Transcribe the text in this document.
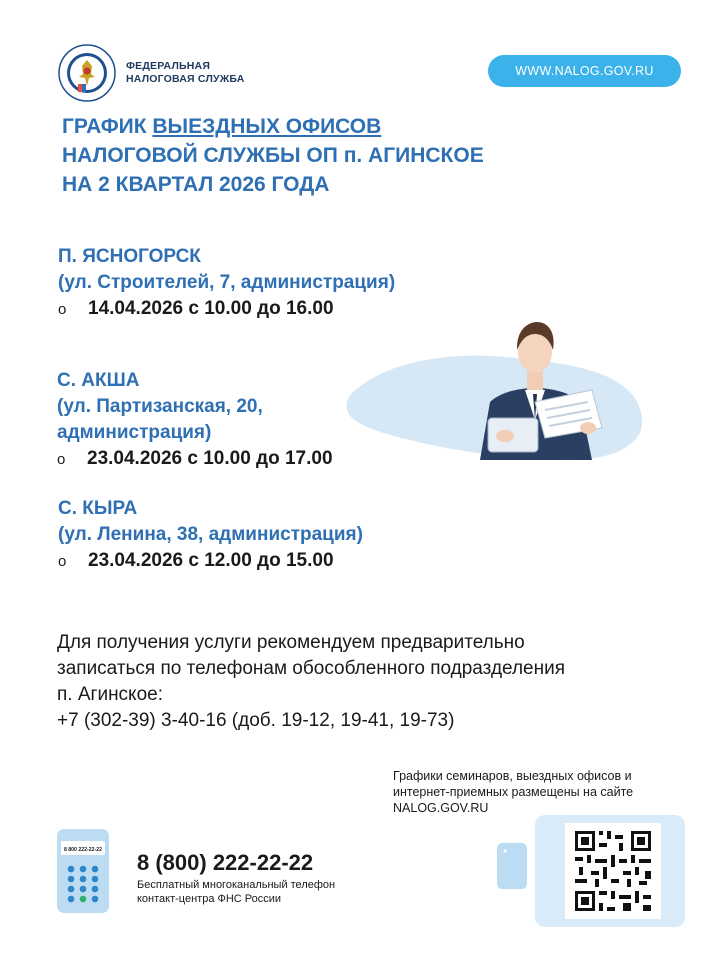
ФЕДЕРАЛЬНАЯ
НАЛОГОВАЯ СЛУЖБА
WWW.NALOG.GOV.RU
ГРАФИК ВЫЕЗДНЫХ ОФИСОВ
НАЛОГОВОЙ СЛУЖБЫ ОП п. АГИНСКОЕ
НА 2 КВАРТАЛ 2026 ГОДА
П. ЯСНОГОРСК
(ул. Строителей, 7, администрация)
o 14.04.2026 с 10.00 до 16.00
С. АКША
(ул. Партизанская, 20,
администрация)
o 23.04.2026 с 10.00 до 17.00
С. КЫРА
(ул. Ленина, 38, администрация)
o 23.04.2026 с 12.00 до 15.00
Для получения услуги рекомендуем предварительно
записаться по телефонам обособленного подразделения
п. Агинское:
+7 (302-39) 3-40-16 (доб. 19-12, 19-41, 19-73)
Графики семинаров, выездных офисов и
интернет-приемных размещены на сайте
NALOG.GOV.RU
8 800 222-22-22 8 (800) 222-22-22
Бесплатный многоканальный телефон
контакт-центра ФНС России
